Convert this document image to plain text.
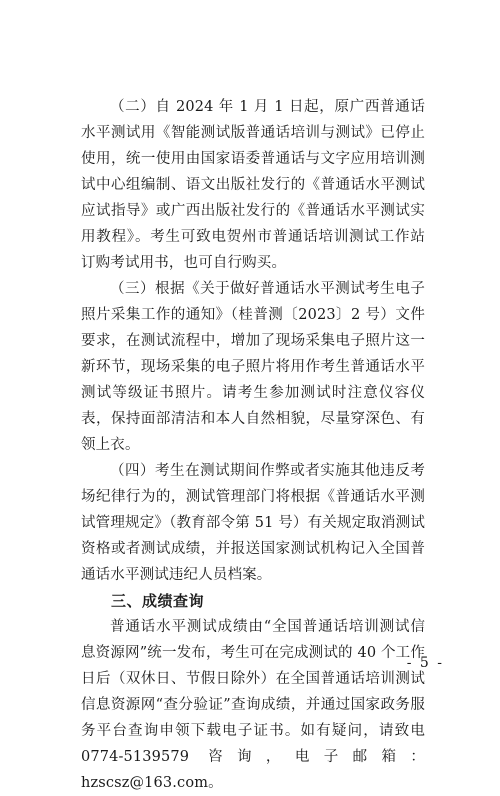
（二）自 2024 年 1 月 1 日起，原广西普通话水平测试用《智能测试版普通话培训与测试》已停止使用，统一使用由国家语委普通话与文字应用培训测试中心组编制、语文出版社发行的《普通话水平测试应试指导》或广西出版社发行的《普通话水平测试实用教程》。考生可致电贺州市普通话培训测试工作站订购考试用书，也可自行购买。

（三）根据《关于做好普通话水平测试考生电子照片采集工作的通知》（桂普测〔2023〕2 号）文件要求，在测试流程中，增加了现场采集电子照片这一新环节，现场采集的电子照片将用作考生普通话水平测试等级证书照片。请考生参加测试时注意仪容仪表，保持面部清洁和本人自然相貌，尽量穿深色、有领上衣。

（四）考生在测试期间作弊或者实施其他违反考场纪律行为的，测试管理部门将根据《普通话水平测试管理规定》（教育部令第 51 号）有关规定取消测试资格或者测试成绩，并报送国家测试机构记入全国普通话水平测试违纪人员档案。

三、成绩查询

普通话水平测试成绩由“全国普通话培训测试信息资源网”统一发布，考生可在完成测试的 40 个工作日后（双休日、节假日除外）在全国普通话培训测试信息资源网“查分验证”查询成绩，并通过国家政务服务平台查询申领下载电子证书。如有疑问，请致电 0774-5139579 咨询，电子邮箱：hzscsz@163.com。

- 5 -
